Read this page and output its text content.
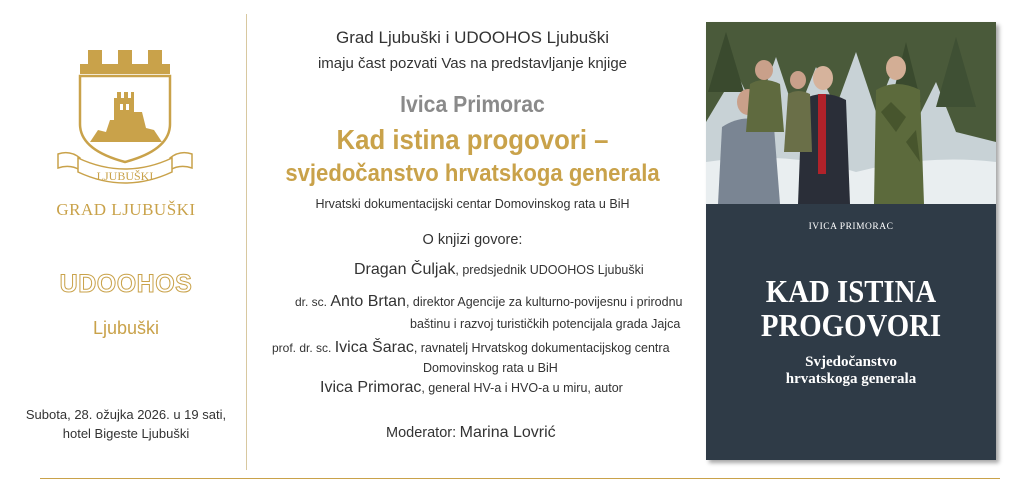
LJUBUŠKI
GRAD LJUBUŠKI
UDOOHOS
Ljubuški
Subota, 28. ožujka 2026. u 19 sati,
hotel Bigeste Ljubuški
Grad Ljubuški i UDOOHOS Ljubuški
imaju čast pozvati Vas na predstavljanje knjige
Ivica Primorac
Kad istina progovori –
svjedočanstvo hrvatskoga generala
Hrvatski dokumentacijski centar Domovinskog rata u BiH
O knjizi govore:
Dragan Čuljak, predsjednik UDOOHOS Ljubuški
dr. sc. Anto Brtan, direktor Agencije za kulturno-povijesnu i prirodnu
baštinu i razvoj turističkih potencijala grada Jajca
prof. dr. sc. Ivica Šarac, ravnatelj Hrvatskog dokumentacijskog centra
Domovinskog rata u BiH
Ivica Primorac, general HV-a i HVO-a u miru, autor
Moderator: Marina Lovrić
IVICA PRIMORAC
KAD ISTINA
PROGOVORI
Svjedočanstvo
hrvatskoga generala
